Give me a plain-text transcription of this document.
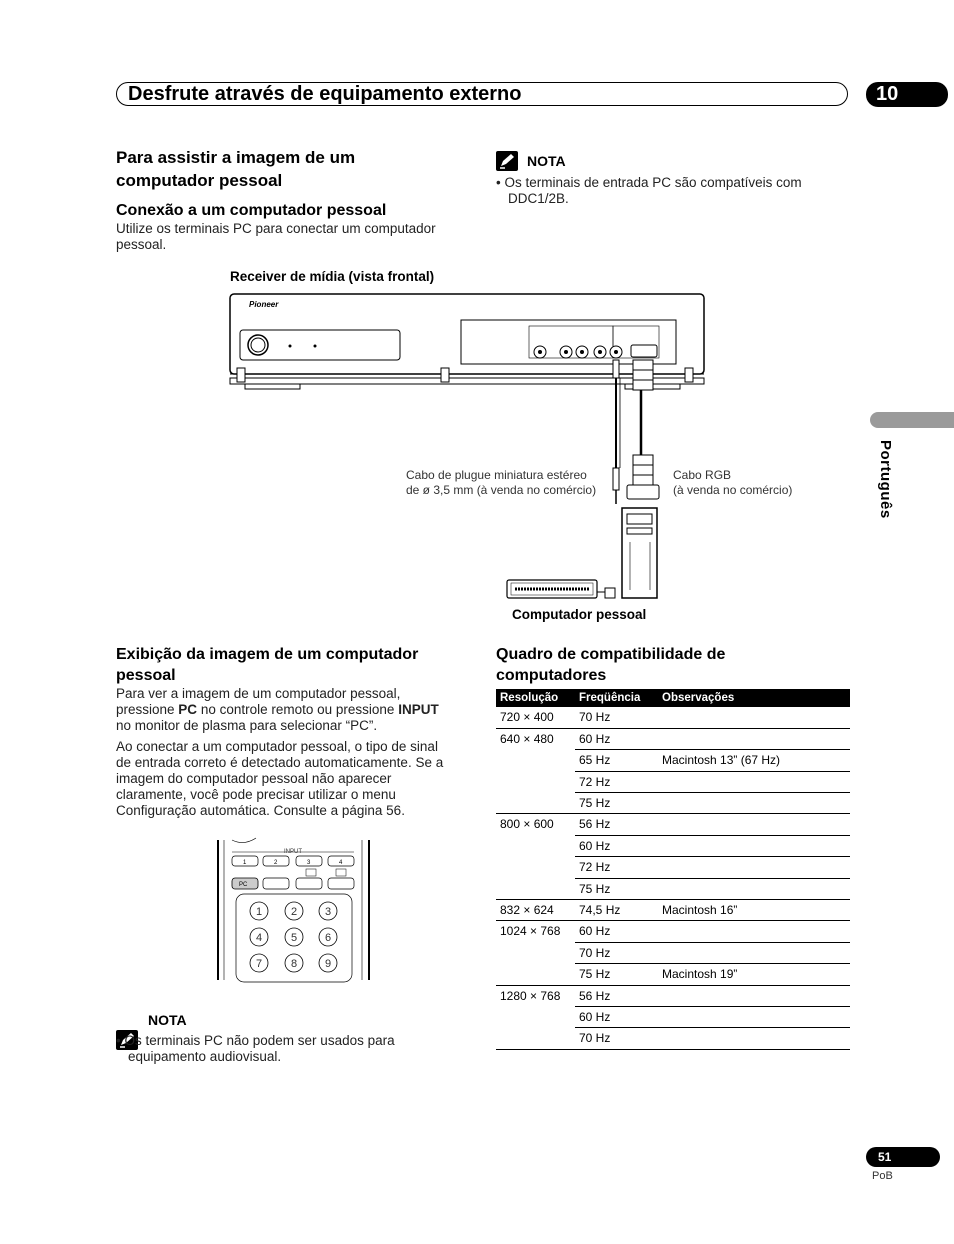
Desfrute através de equipamento externo	10
Português
Para assistir a imagem de um
computador pessoal
Conexão a um computador pessoal
Utilize os terminais PC para conectar um computador
pessoal.
NOTA
• Os terminais de entrada PC são compatíveis com
DDC1/2B.
Receiver de mídia (vista frontal)
Pioneer
Cabo de plugue miniatura estéreo
de ø 3,5 mm (à venda no comércio)
Cabo RGB
(à venda no comércio)
Computador pessoal
Exibição da imagem de um computador
pessoal
Para ver a imagem de um computador pessoal,
pressione PC no controle remoto ou pressione INPUT
no monitor de plasma para selecionar “PC”.
Ao conectar a um computador pessoal, o tipo de sinal
de entrada correto é detectado automaticamente. Se a
imagem do computador pessoal não aparecer
claramente, você pode precisar utilizar o menu
Configuração automática. Consulte a página 56.
INPUT
1	2	3	4
PC
1	2	3
4	5	6
7	8	9
NOTA
• Os terminais PC não podem ser usados para
equipamento audiovisual.
Quadro de compatibilidade de
computadores
Resolução	Freqüência	Observações
720 × 400	70 Hz	
640 × 480	60 Hz	
	65 Hz	Macintosh 13” (67 Hz)
	72 Hz	
	75 Hz	
800 × 600	56 Hz	
	60 Hz	
	72 Hz	
	75 Hz	
832 × 624	74,5 Hz	Macintosh 16”
1024 × 768	60 Hz	
	70 Hz	
	75 Hz	Macintosh 19”
1280 × 768	56 Hz	
	60 Hz	
	70 Hz	
51
PoB
